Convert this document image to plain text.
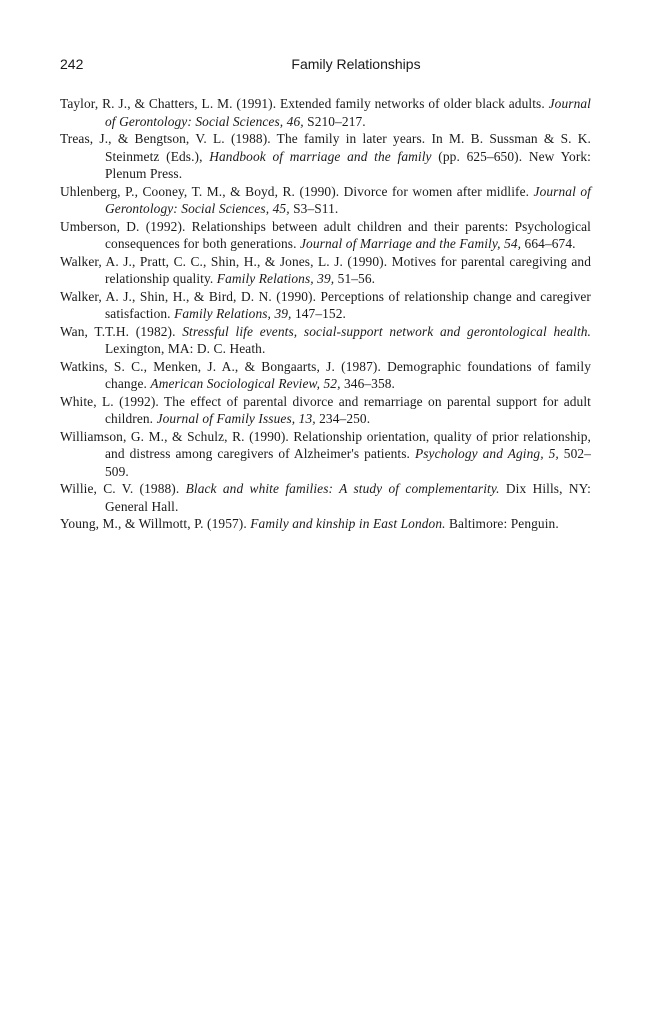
242	Family Relationships

Taylor, R. J., & Chatters, L. M. (1991). Extended family networks of older black adults. Journal of Gerontology: Social Sciences, 46, S210–217.

Treas, J., & Bengtson, V. L. (1988). The family in later years. In M. B. Sussman & S. K. Steinmetz (Eds.), Handbook of marriage and the family (pp. 625–650). New York: Plenum Press.

Uhlenberg, P., Cooney, T. M., & Boyd, R. (1990). Divorce for women after midlife. Journal of Gerontology: Social Sciences, 45, S3–S11.

Umberson, D. (1992). Relationships between adult children and their parents: Psychological consequences for both generations. Journal of Marriage and the Family, 54, 664–674.

Walker, A. J., Pratt, C. C., Shin, H., & Jones, L. J. (1990). Motives for parental caregiving and relationship quality. Family Relations, 39, 51–56.

Walker, A. J., Shin, H., & Bird, D. N. (1990). Perceptions of relationship change and caregiver satisfaction. Family Relations, 39, 147–152.

Wan, T.T.H. (1982). Stressful life events, social-support network and gerontological health. Lexington, MA: D. C. Heath.

Watkins, S. C., Menken, J. A., & Bongaarts, J. (1987). Demographic foundations of family change. American Sociological Review, 52, 346–358.

White, L. (1992). The effect of parental divorce and remarriage on parental support for adult children. Journal of Family Issues, 13, 234–250.

Williamson, G. M., & Schulz, R. (1990). Relationship orientation, quality of prior relationship, and distress among caregivers of Alzheimer's patients. Psychology and Aging, 5, 502–509.

Willie, C. V. (1988). Black and white families: A study of complementarity. Dix Hills, NY: General Hall.

Young, M., & Willmott, P. (1957). Family and kinship in East London. Baltimore: Penguin.
